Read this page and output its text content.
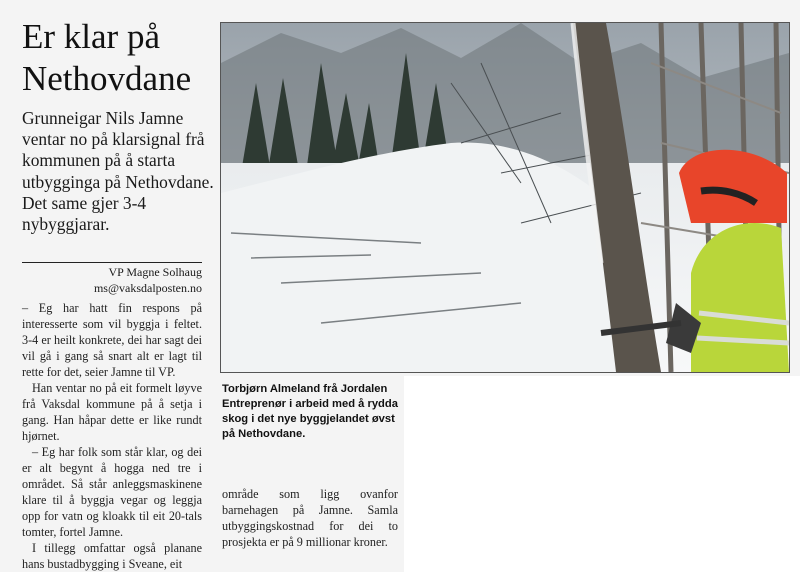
Er klar på
Nethovdane

Grunneigar Nils Jamne ventar no på klarsignal frå kommunen på å starta utbygginga på Nethovdane. Det same gjer 3-4 nybyggjarar.

VP Magne Solhaug
ms@vaksdalposten.no

– Eg har hatt fin respons på interesserte som vil byggja i feltet. 3-4 er heilt konkrete, dei har sagt dei vil gå i gang så snart alt er lagt til rette for det, seier Jamne til VP.

Han ventar no på eit formelt løyve frå Vaksdal kommune på å setja i gang. Han håpar dette er like rundt hjørnet.

– Eg har folk som står klar, og dei er alt begynt å hogga ned tre i området. Så står anleggsmaskinene klare til å byggja vegar og leggja opp for vatn og kloakk til eit 20-tals tomter, fortel Jamne.

I tillegg omfattar også planane hans bustadbygging i Sveane, eit

Torbjørn Almeland frå Jordalen Entreprenør i arbeid med å rydda skog i det nye byggjelandet øvst på Nethovdane.

område som ligg ovanfor barnehagen på Jamne. Samla utbyggingskostnad for dei to prosjekta er på 9 millionar kroner.
